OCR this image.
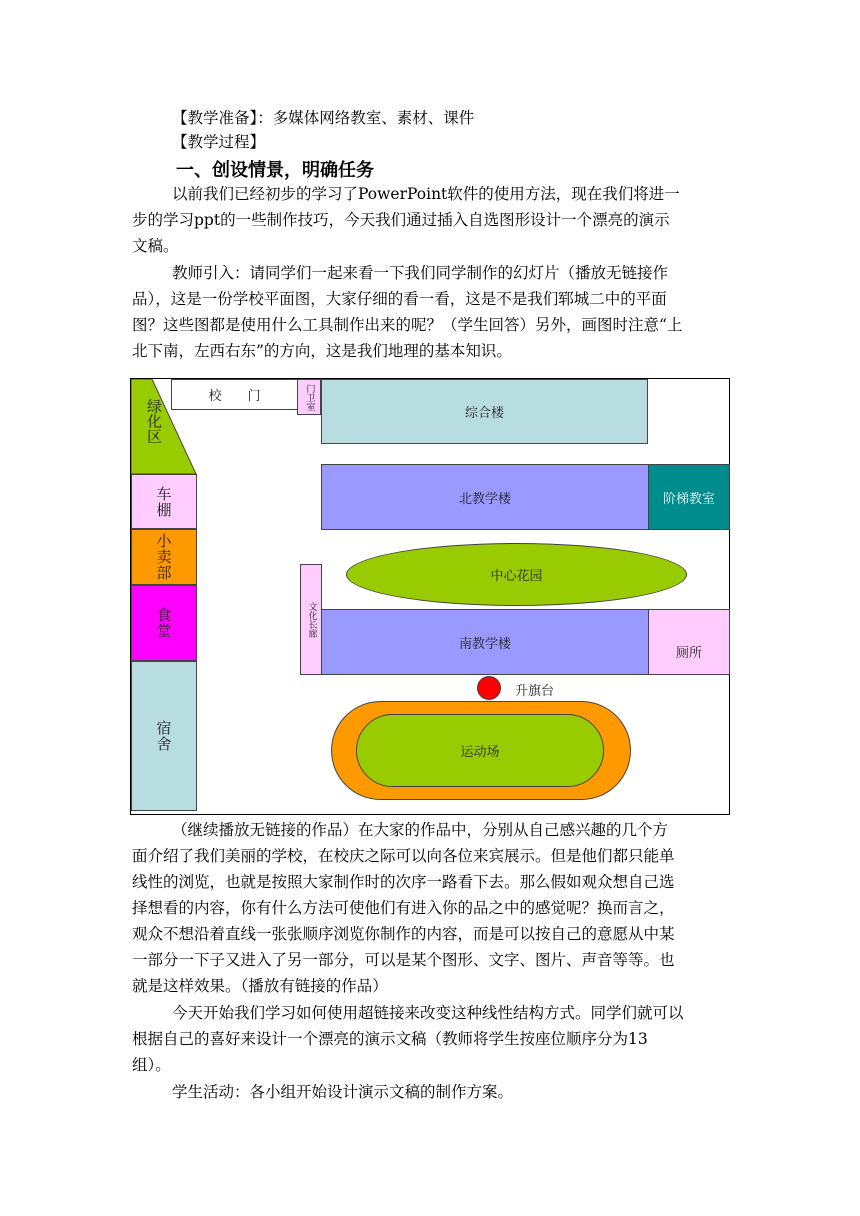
【教学准备】：多媒体网络教室、素材、课件
【教学过程】
一、创设情景，明确任务
以前我们已经初步的学习了PowerPoint软件的使用方法，现在我们将进一
步的学习ppt的一些制作技巧，今天我们通过插入自选图形设计一个漂亮的演示
文稿。
教师引入：请同学们一起来看一下我们同学制作的幻灯片（播放无链接作
品），这是一份学校平面图，大家仔细的看一看，这是不是我们郓城二中的平面
图？这些图都是使用什么工具制作出来的呢？（学生回答）另外，画图时注意“上
北下南，左西右东”的方向，这是我们地理的基本知识。
绿化区
校　　门	门卫室
综合楼
车棚
小卖部
食堂
宿舍
北教学楼	阶梯教室
中心花园
文化长廊
南教学楼
厕所
升旗台
运动场
（继续播放无链接的作品）在大家的作品中，分别从自己感兴趣的几个方
面介绍了我们美丽的学校，在校庆之际可以向各位来宾展示。但是他们都只能单
线性的浏览，也就是按照大家制作时的次序一路看下去。那么假如观众想自己选
择想看的内容，你有什么方法可使他们有进入你的品之中的感觉呢？换而言之，
观众不想沿着直线一张张顺序浏览你制作的内容，而是可以按自己的意愿从中某
一部分一下子又进入了另一部分，可以是某个图形、文字、图片、声音等等。也
就是这样效果。（播放有链接的作品）
今天开始我们学习如何使用超链接来改变这种线性结构方式。同学们就可以
根据自己的喜好来设计一个漂亮的演示文稿（教师将学生按座位顺序分为13
组）。
学生活动：各小组开始设计演示文稿的制作方案。
